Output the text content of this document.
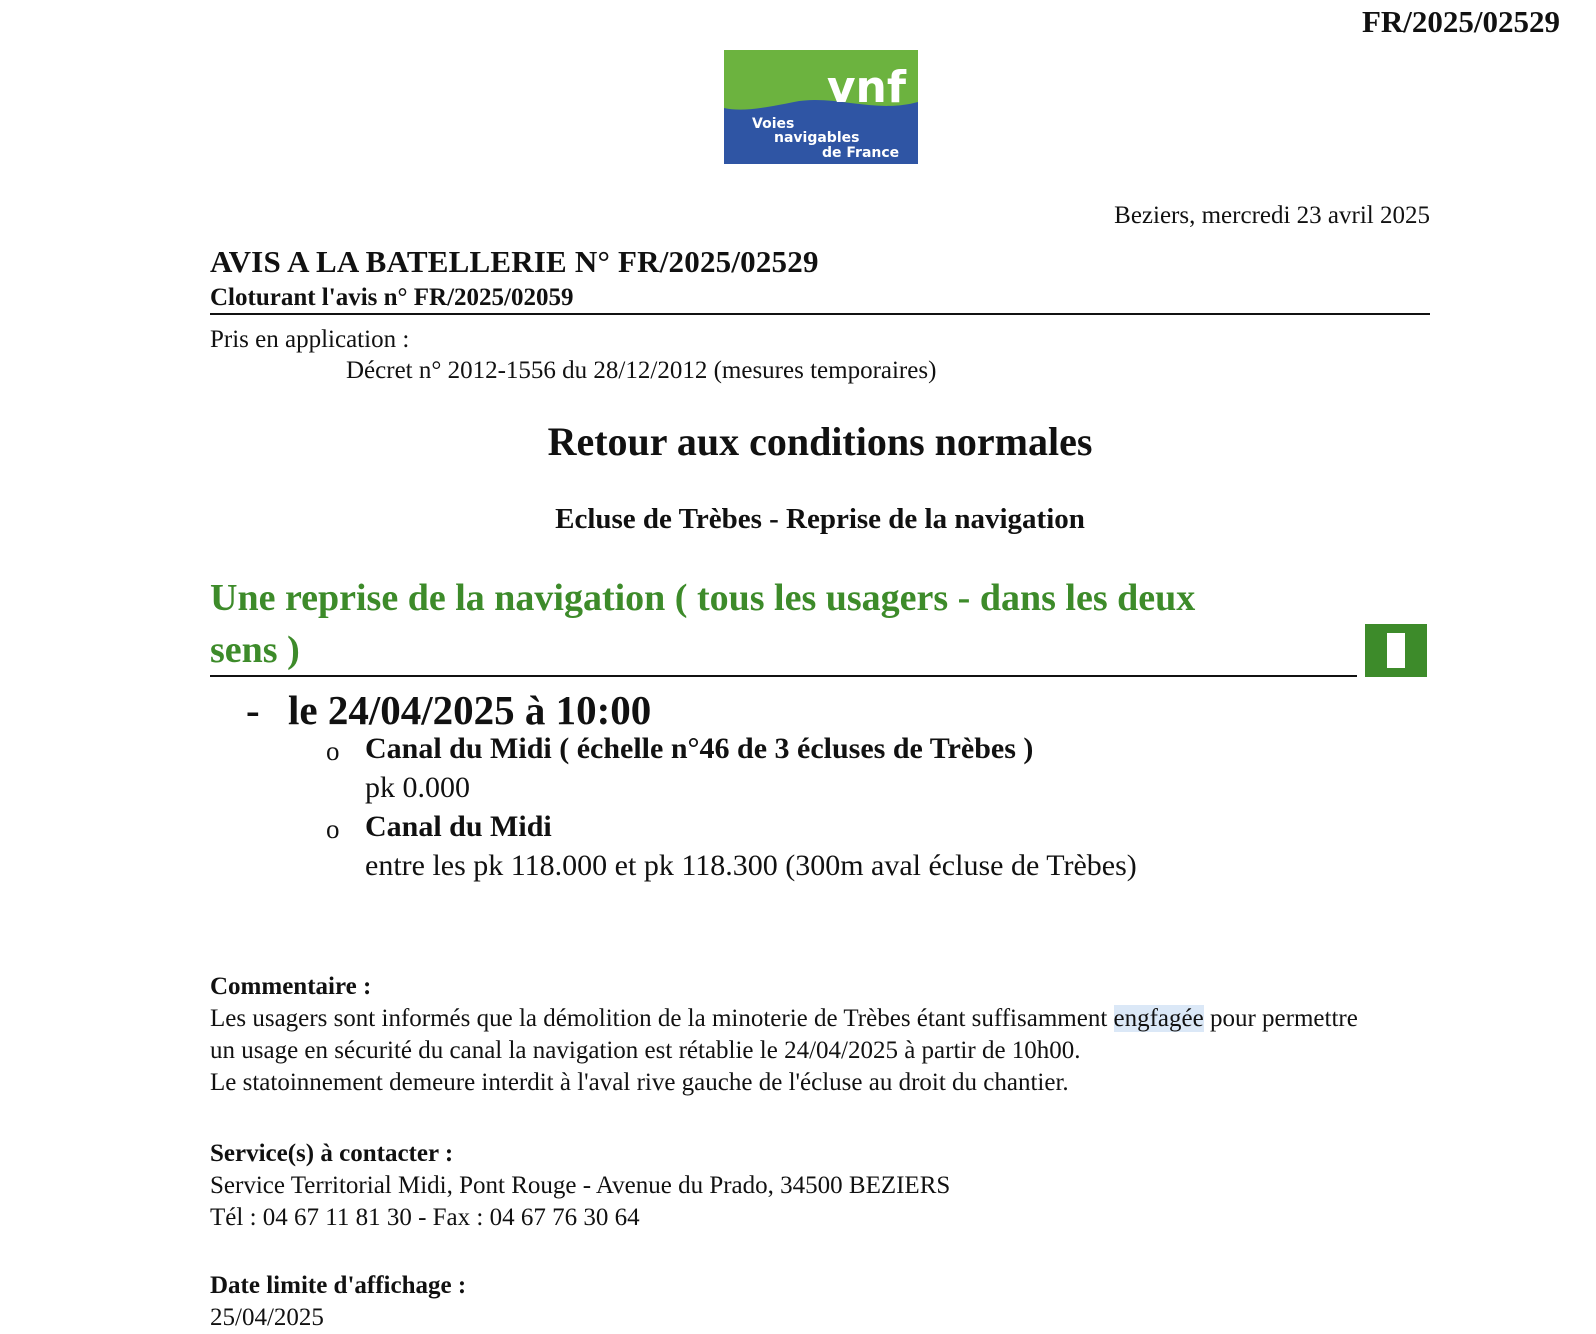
FR/2025/02529
vnf
Voies
navigables
de France
Beziers, mercredi 23 avril 2025
AVIS A LA BATELLERIE N° FR/2025/02529
Cloturant l'avis n° FR/2025/02059
Pris en application :
Décret n° 2012-1556 du 28/12/2012 (mesures temporaires)
Retour aux conditions normales
Ecluse de Trèbes - Reprise de la navigation
Une reprise de la navigation ( tous les usagers - dans les deux
sens )
- le 24/04/2025 à 10:00
o Canal du Midi ( échelle n°46 de 3 écluses de Trèbes )
pk 0.000
o Canal du Midi
entre les pk 118.000 et pk 118.300 (300m aval écluse de Trèbes)
Commentaire :
Les usagers sont informés que la démolition de la minoterie de Trèbes étant suffisamment engfagée pour permettre
un usage en sécurité du canal la navigation est rétablie le 24/04/2025 à partir de 10h00.
Le statoinnement demeure interdit à l'aval rive gauche de l'écluse au droit du chantier.
Service(s) à contacter :
Service Territorial Midi, Pont Rouge - Avenue du Prado, 34500 BEZIERS
Tél : 04 67 11 81 30 - Fax : 04 67 76 30 64
Date limite d'affichage :
25/04/2025
